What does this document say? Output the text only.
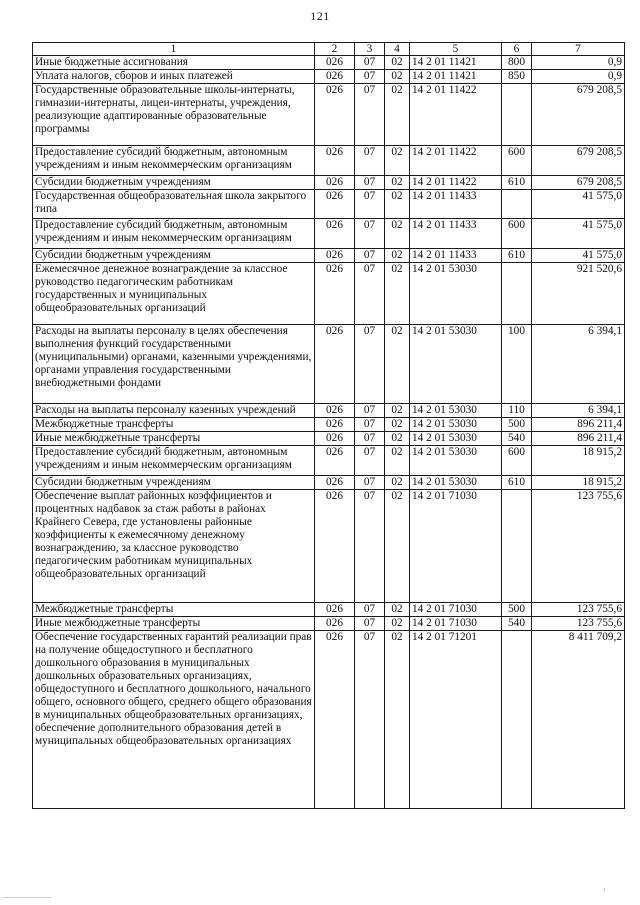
121
1	2	3	4	5	6	7
Иные бюджетные ассигнования	026	07	02	14 2 01 11421	800	0,9
Уплата налогов, сборов и иных платежей	026	07	02	14 2 01 11421	850	0,9
Государственные образовательные школы-интернаты, гимназии-интернаты, лицеи-интернаты, учреждения, реализующие адаптированные образовательные программы	026	07	02	14 2 01 11422		679 208,5
Предоставление субсидий бюджетным, автономным учреждениям и иным некоммерческим организациям	026	07	02	14 2 01 11422	600	679 208,5
Субсидии бюджетным учреждениям	026	07	02	14 2 01 11422	610	679 208,5
Государственная общеобразовательная школа закрытого типа	026	07	02	14 2 01 11433		41 575,0
Предоставление субсидий бюджетным, автономным учреждениям и иным некоммерческим организациям	026	07	02	14 2 01 11433	600	41 575,0
Субсидии бюджетным учреждениям	026	07	02	14 2 01 11433	610	41 575,0
Ежемесячное денежное вознаграждение за классное руководство педагогическим работникам государственных и муниципальных общеобразовательных организаций	026	07	02	14 2 01 53030		921 520,6
Расходы на выплаты персоналу в целях обеспечения выполнения функций государственными (муниципальными) органами, казенными учреждениями, органами управления государственными внебюджетными фондами	026	07	02	14 2 01 53030	100	6 394,1
Расходы на выплаты персоналу казенных учреждений	026	07	02	14 2 01 53030	110	6 394,1
Межбюджетные трансферты	026	07	02	14 2 01 53030	500	896 211,4
Иные межбюджетные трансферты	026	07	02	14 2 01 53030	540	896 211,4
Предоставление субсидий бюджетным, автономным учреждениям и иным некоммерческим организациям	026	07	02	14 2 01 53030	600	18 915,2
Субсидии бюджетным учреждениям	026	07	02	14 2 01 53030	610	18 915,2
Обеспечение выплат районных коэффициентов и процентных надбавок за стаж работы в районах Крайнего Севера, где установлены районные коэффициенты к ежемесячному денежному вознаграждению, за классное руководство педагогическим работникам муниципальных общеобразовательных организаций	026	07	02	14 2 01 71030		123 755,6
Межбюджетные трансферты	026	07	02	14 2 01 71030	500	123 755,6
Иные межбюджетные трансферты	026	07	02	14 2 01 71030	540	123 755,6
Обеспечение государственных гарантий реализации прав на получение общедоступного и бесплатного дошкольного образования в муниципальных дошкольных образовательных организациях, общедоступного и бесплатного дошкольного, начального общего, основного общего, среднего общего образования в муниципальных общеобразовательных организациях, обеспечение дополнительного образования детей в муниципальных общеобразовательных организациях	026	07	02	14 2 01 71201		8 411 709,2
